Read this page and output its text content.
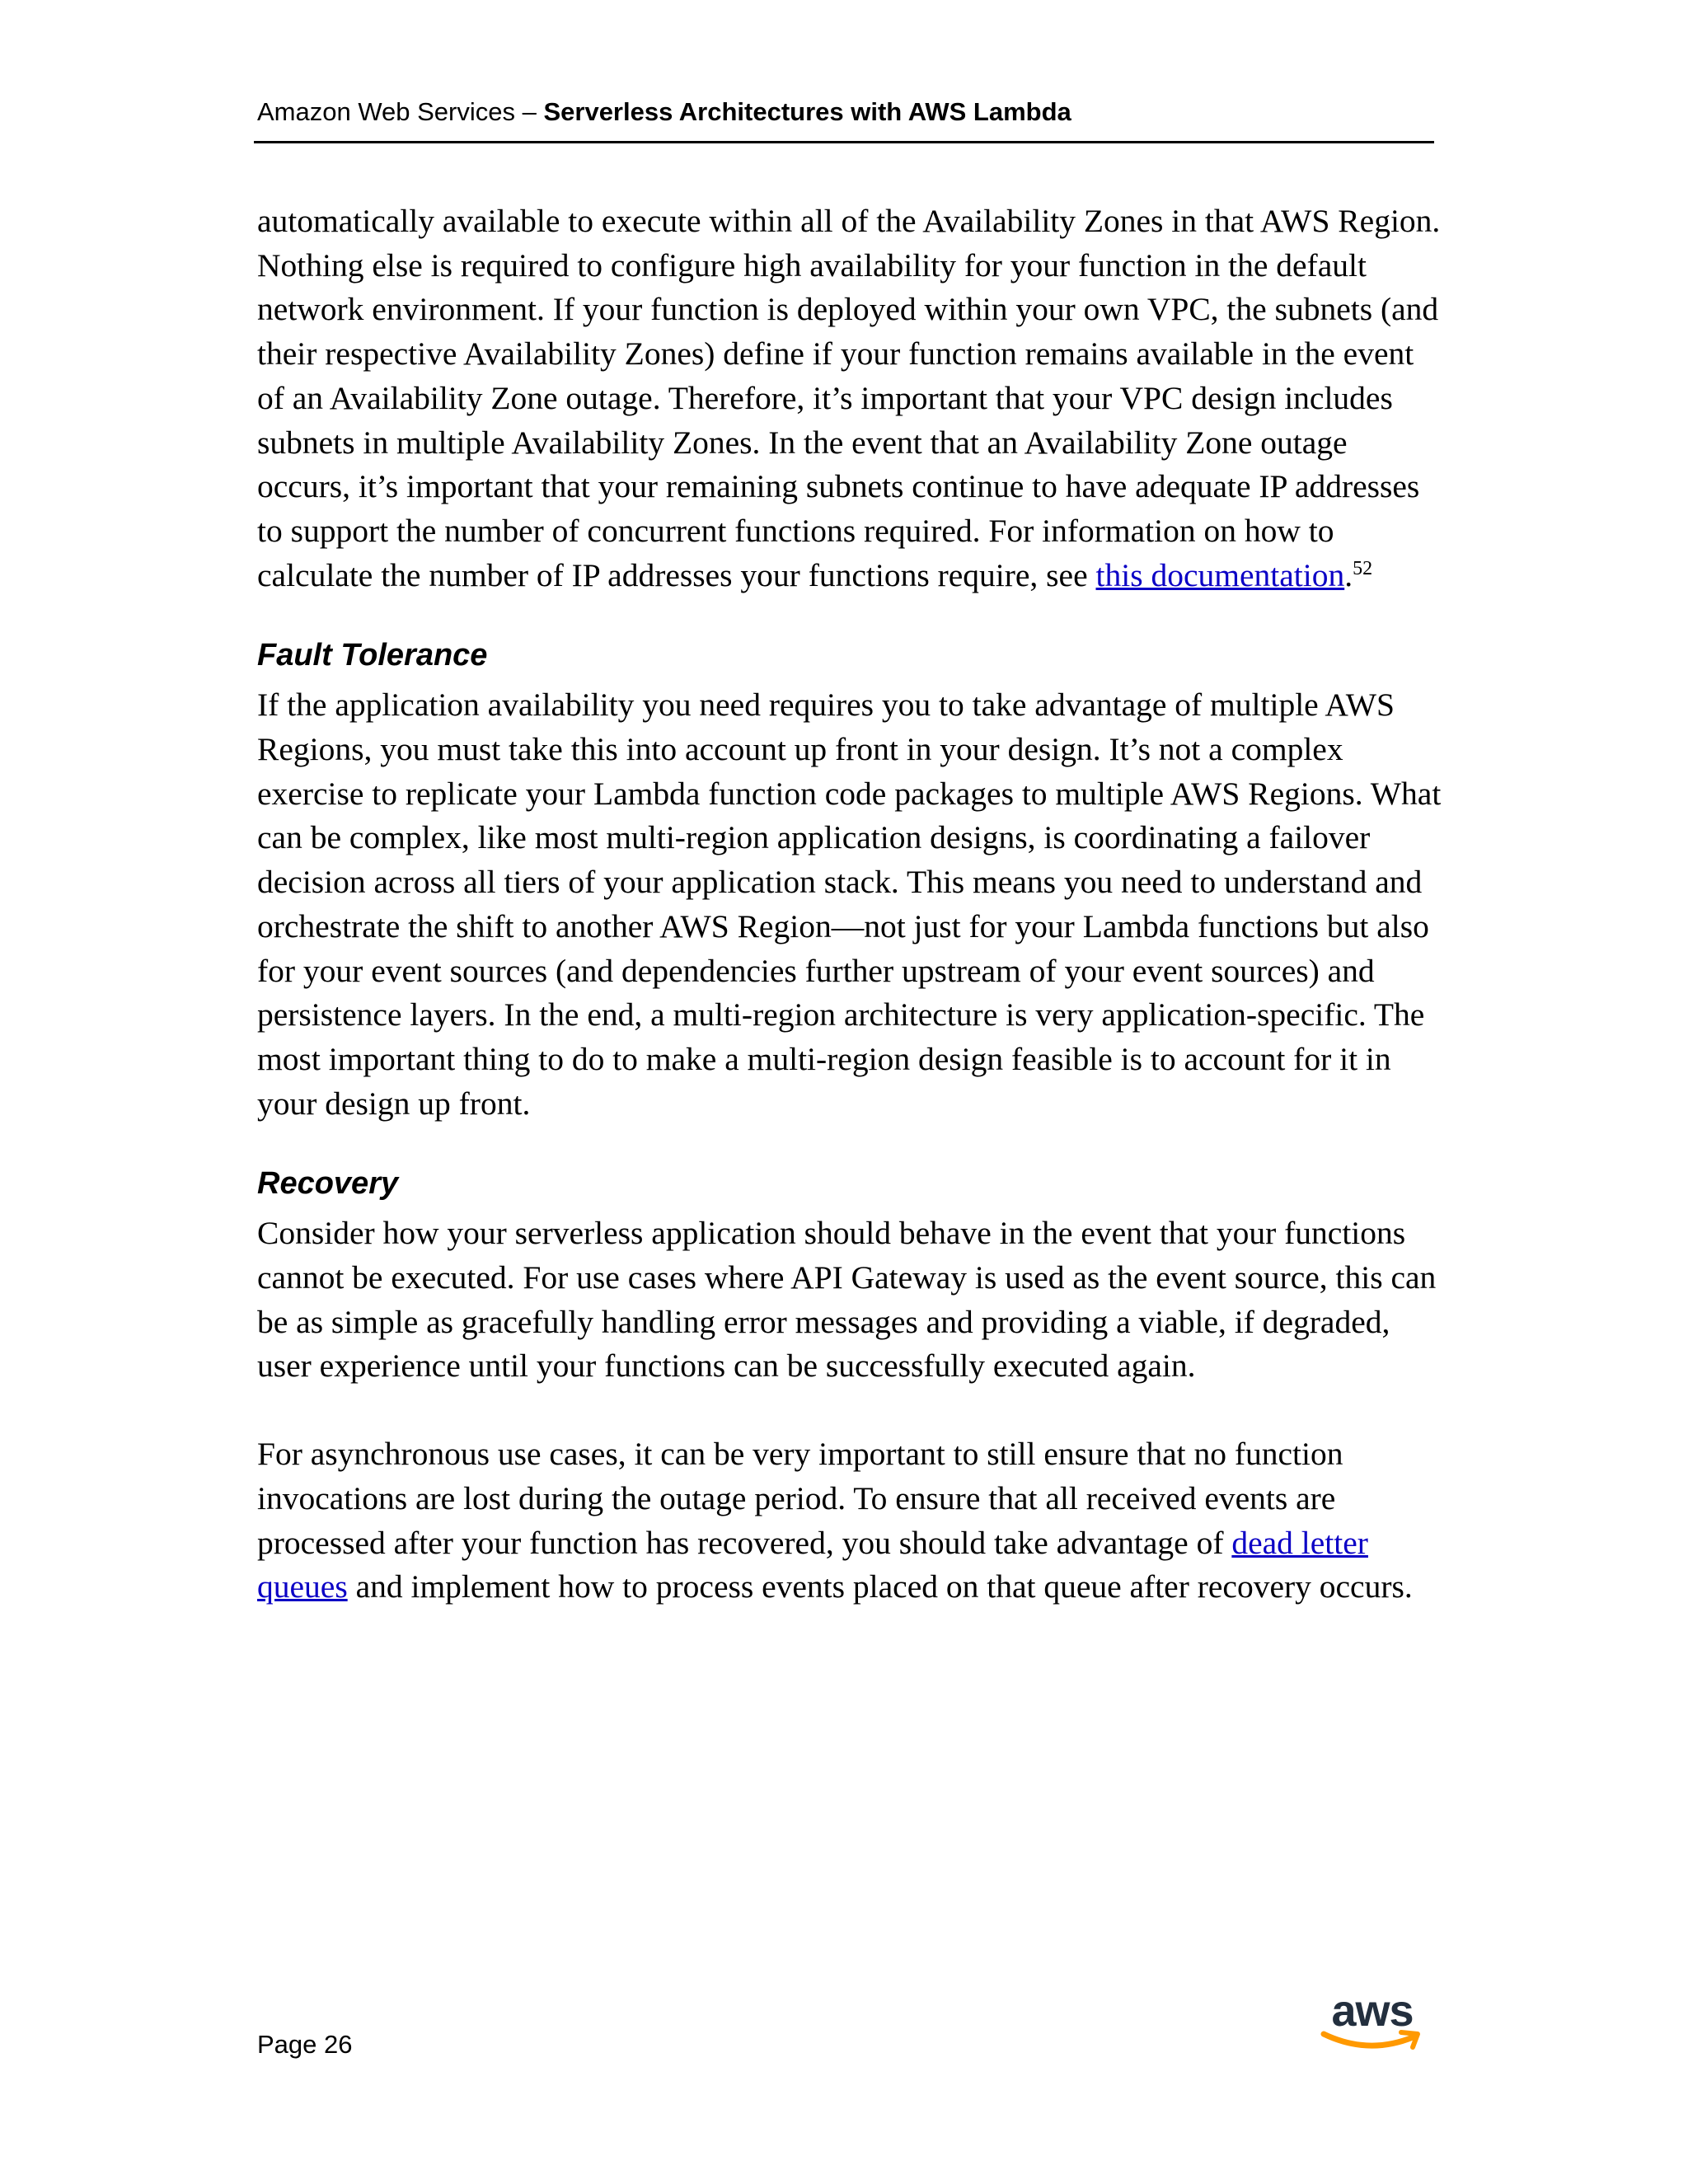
Amazon Web Services – Serverless Architectures with AWS Lambda

automatically available to execute within all of the Availability Zones in that AWS Region. Nothing else is required to configure high availability for your function in the default network environment. If your function is deployed within your own VPC, the subnets (and their respective Availability Zones) define if your function remains available in the event of an Availability Zone outage. Therefore, it’s important that your VPC design includes subnets in multiple Availability Zones. In the event that an Availability Zone outage occurs, it’s important that your remaining subnets continue to have adequate IP addresses to support the number of concurrent functions required. For information on how to calculate the number of IP addresses your functions require, see this documentation.$^{52}$

Fault Tolerance

If the application availability you need requires you to take advantage of multiple AWS Regions, you must take this into account up front in your design. It’s not a complex exercise to replicate your Lambda function code packages to multiple AWS Regions. What can be complex, like most multi-region application designs, is coordinating a failover decision across all tiers of your application stack. This means you need to understand and orchestrate the shift to another AWS Region—not just for your Lambda functions but also for your event sources (and dependencies further upstream of your event sources) and persistence layers. In the end, a multi-region architecture is very application-specific. The most important thing to do to make a multi-region design feasible is to account for it in your design up front.

Recovery

Consider how your serverless application should behave in the event that your functions cannot be executed. For use cases where API Gateway is used as the event source, this can be as simple as gracefully handling error messages and providing a viable, if degraded, user experience until your functions can be successfully executed again.

For asynchronous use cases, it can be very important to still ensure that no function invocations are lost during the outage period. To ensure that all received events are processed after your function has recovered, you should take advantage of dead letter queues and implement how to process events placed on that queue after recovery occurs.

Page 26
aws
